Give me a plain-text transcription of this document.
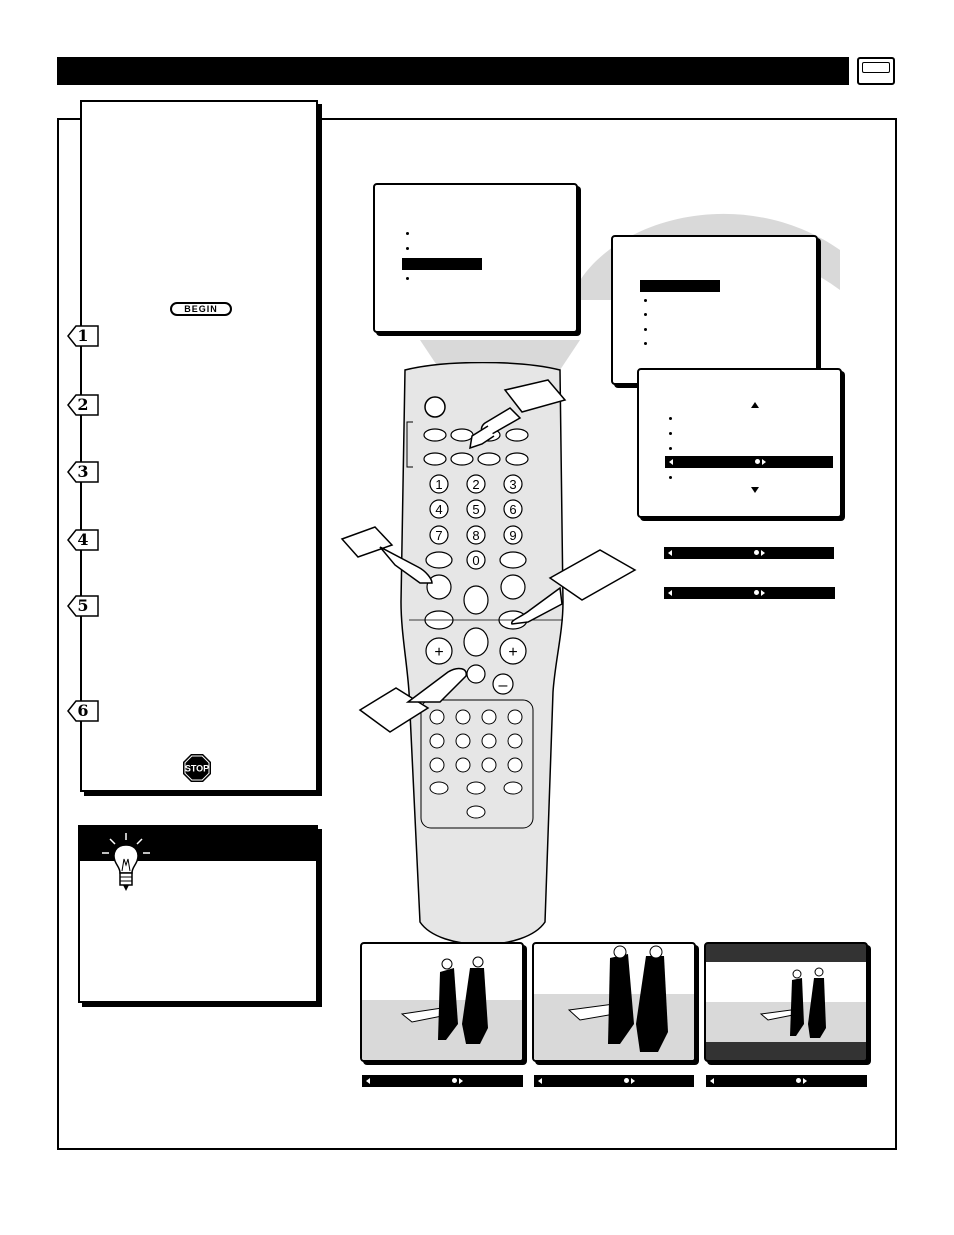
BEGIN
1
2
3
4
5
6
STOP
1 2 3
4 5 6
7 8 9
0
+	+
–
